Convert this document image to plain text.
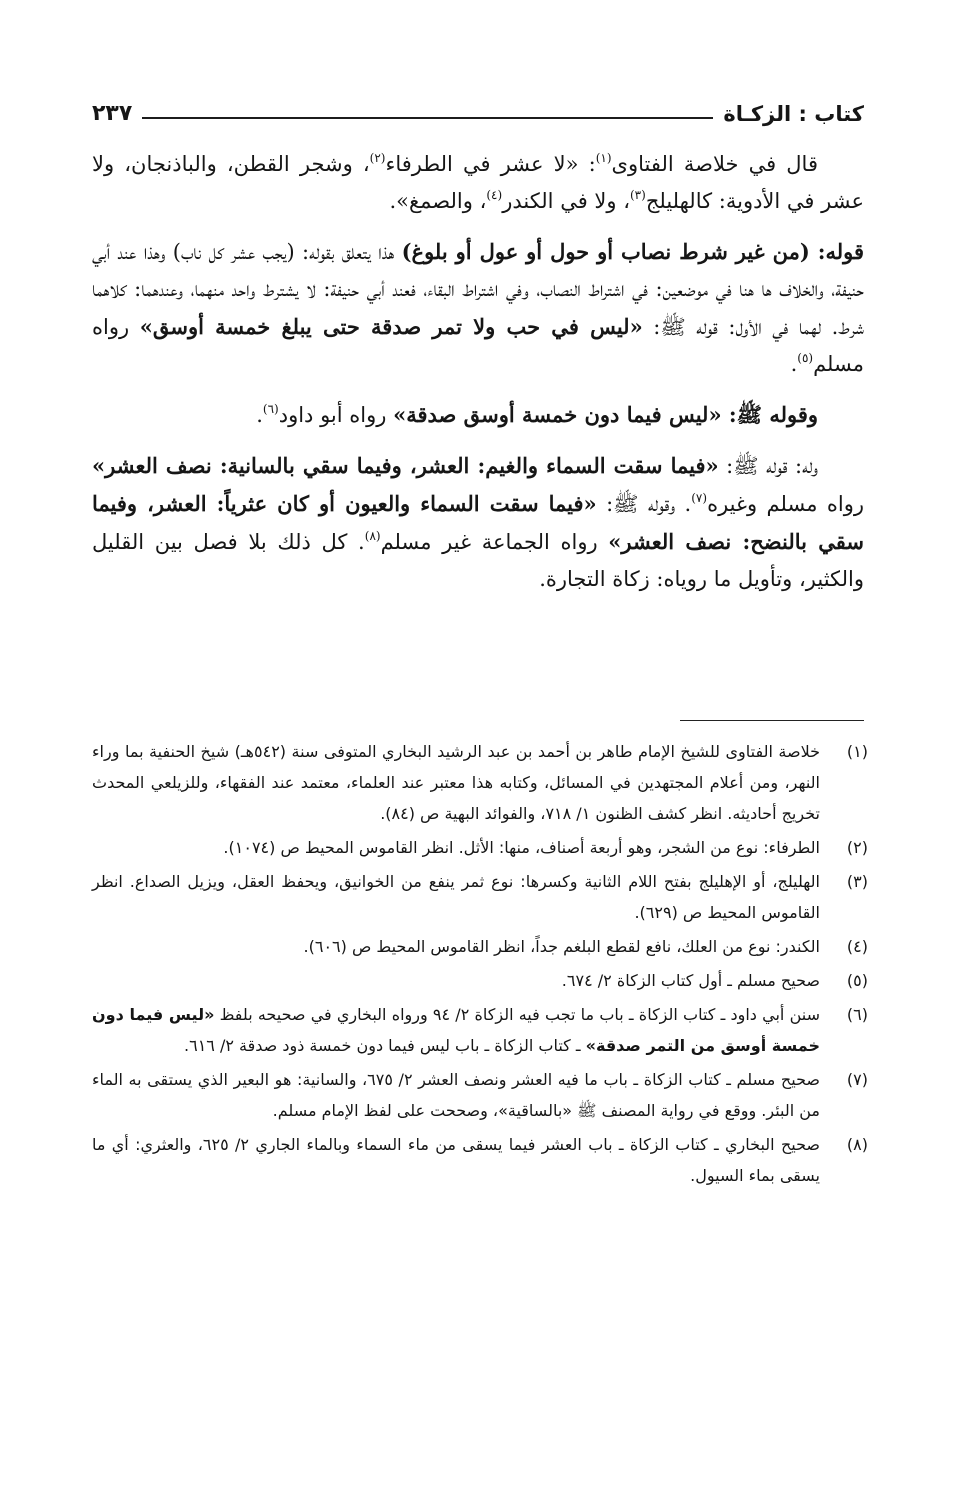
كتاب : الزكـاة
٢٣٧

قال في خلاصة الفتاوى$^{(١)}$: «لا عشر في الطرفاء$^{(٢)}$، وشجر القطن، والباذنجان، ولا عشر في الأدوية: كالهليلج$^{(٣)}$، ولا في الكندر$^{(٤)}$، والصمغ».

قوله: (من غير شرط نصاب أو حول أو عول أو بلوغ) هذا يتعلق بقوله: (يجب عشر كل ناب) وهذا عند أبي حنيفة، والخلاف ها هنا في موضعين: في اشتراط النصاب، وفي اشتراط البقاء، فعند أبي حنيفة: لا يشترط واحد منهما، وعندهما: كلاهما شرط. لهما في الأول: قوله ﷺ: «ليس في حب ولا تمر صدقة حتى يبلغ خمسة أوسق» رواه مسلم$^{(٥)}$.

وقوله ﷺ: «ليس فيما دون خمسة أوسق صدقة» رواه أبو داود$^{(٦)}$.

وله: قوله ﷺ: «فيما سقت السماء والغيم: العشر، وفيما سقي بالسانية: نصف العشر» رواه مسلم وغيره$^{(٧)}$. وقوله ﷺ: «فيما سقت السماء والعيون أو كان عثرياً: العشر، وفيما سقي بالنضح: نصف العشر» رواه الجماعة غير مسلم$^{(٨)}$. كل ذلك بلا فصل بين القليل والكثير، وتأويل ما روياه: زكاة التجارة.

(١)
خلاصة الفتاوى للشيخ الإمام طاهر بن أحمد بن عبد الرشيد البخاري المتوفى سنة (٥٤٢هـ) شيخ الحنفية بما وراء النهر، ومن أعلام المجتهدين في المسائل، وكتابه هذا معتبر عند العلماء، معتمد عند الفقهاء، وللزيلعي المحدث تخريج أحاديثه. انظر كشف الظنون ١/ ٧١٨، والفوائد البهية ص (٨٤).
(٢)
الطرفاء: نوع من الشجر، وهو أربعة أصناف، منها: الأثل. انظر القاموس المحيط ص (١٠٧٤).
(٣)
الهليلج، أو الإهليلج بفتح اللام الثانية وكسرها: نوع ثمر ينفع من الخوانيق، ويحفظ العقل، ويزيل الصداع. انظر القاموس المحيط ص (٦٢٩).
(٤)
الكندر: نوع من العلك، نافع لقطع البلغم جداً، انظر القاموس المحيط ص (٦٠٦).
(٥)
صحيح مسلم ـ أول كتاب الزكاة ٢/ ٦٧٤.
(٦)
سنن أبي داود ـ كتاب الزكاة ـ باب ما تجب فيه الزكاة ٢/ ٩٤ ورواه البخاري في صحيحه بلفظ «ليس فيما دون خمسة أوسق من التمر صدقة» ـ كتاب الزكاة ـ باب ليس فيما دون خمسة ذود صدقة ٢/ ٦١٦.
(٧)
صحيح مسلم ـ كتاب الزكاة ـ باب ما فيه العشر ونصف العشر ٢/ ٦٧٥، والسانية: هو البعير الذي يستقى به الماء من البئر. ووقع في رواية المصنف ﷺ «بالساقية»، وصححت على لفظ الإمام مسلم.
(٨)
صحيح البخاري ـ كتاب الزكاة ـ باب العشر فيما يسقى من ماء السماء وبالماء الجاري ٢/ ٦٢٥، والعثري: أي ما يسقى بماء السيول.
